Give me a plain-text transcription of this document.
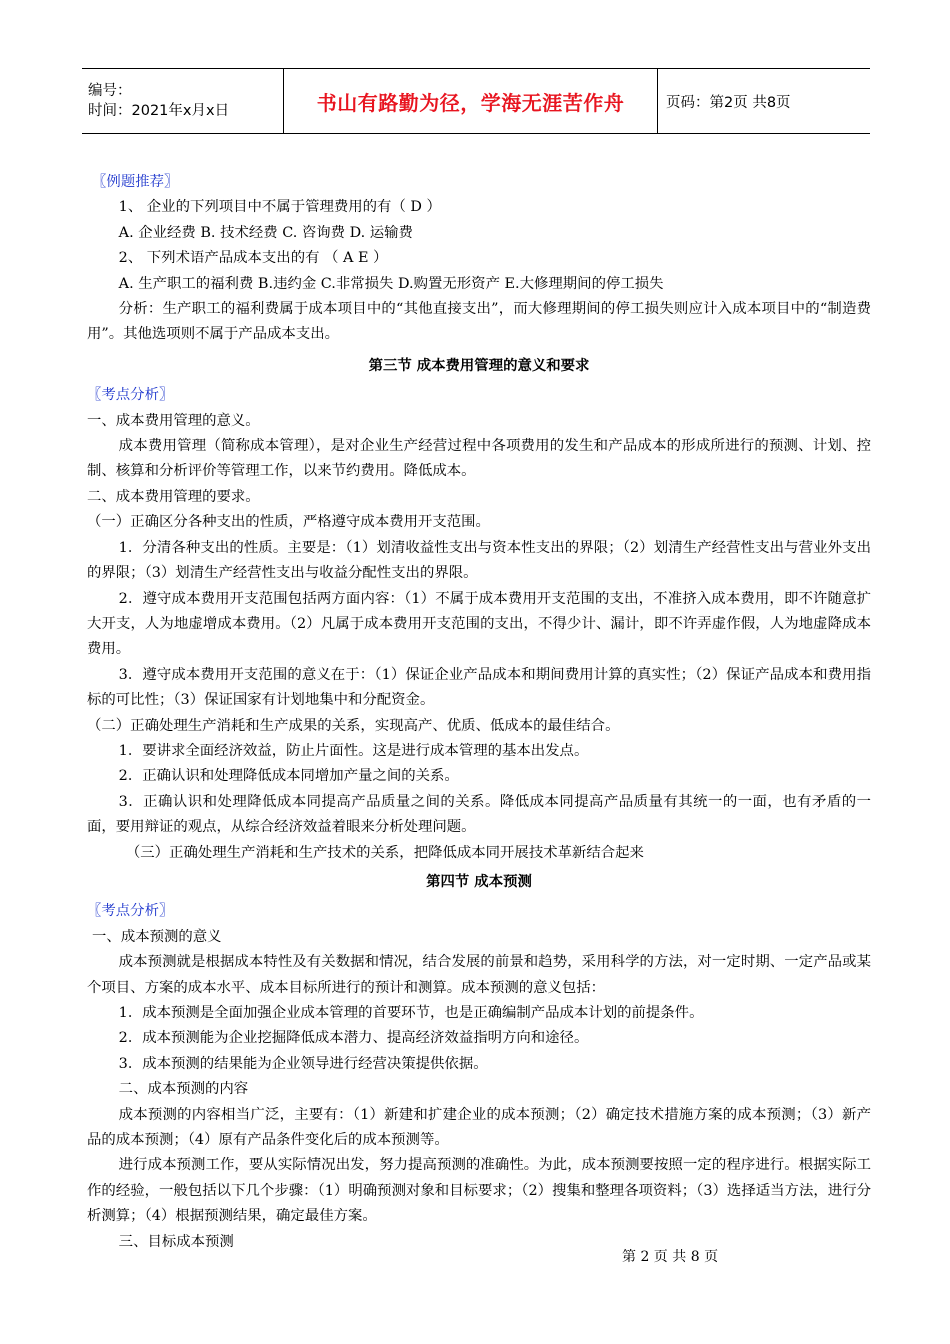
编号：
时间：2021年x月x日	书山有路勤为径，学海无涯苦作舟	页码：第2页 共8页

〖例题推荐〗

1、 企业的下列项目中不属于管理费用的有（ D ）

A. 企业经费 B. 技术经费 C. 咨询费 D. 运输费

2、 下列术语产品成本支出的有 （ A E ）

A. 生产职工的福利费 B.违约金 C.非常损失 D.购置无形资产 E.大修理期间的停工损失

分析：生产职工的福利费属于成本项目中的“其他直接支出”，而大修理期间的停工损失则应计入成本项目中的“制造费用”。其他选项则不属于产品成本支出。

第三节 成本费用管理的意义和要求

〖考点分析〗

一、成本费用管理的意义。

成本费用管理（简称成本管理），是对企业生产经营过程中各项费用的发生和产品成本的形成所进行的预测、计划、控制、核算和分析评价等管理工作，以来节约费用。降低成本。

二、成本费用管理的要求。

（一）正确区分各种支出的性质，严格遵守成本费用开支范围。

1．分清各种支出的性质。主要是：（1）划清收益性支出与资本性支出的界限；（2）划清生产经营性支出与营业外支出的界限；（3）划清生产经营性支出与收益分配性支出的界限。

2．遵守成本费用开支范围包括两方面内容：（1）不属于成本费用开支范围的支出，不准挤入成本费用，即不许随意扩大开支，人为地虚增成本费用。（2）凡属于成本费用开支范围的支出，不得少计、漏计，即不许弄虚作假，人为地虚降成本费用。

3．遵守成本费用开支范围的意义在于：（1）保证企业产品成本和期间费用计算的真实性；（2）保证产品成本和费用指标的可比性；（3）保证国家有计划地集中和分配资金。

（二）正确处理生产消耗和生产成果的关系，实现高产、优质、低成本的最佳结合。

1．要讲求全面经济效益，防止片面性。这是进行成本管理的基本出发点。

2．正确认识和处理降低成本同增加产量之间的关系。

3．正确认识和处理降低成本同提高产品质量之间的关系。降低成本同提高产品质量有其统一的一面，也有矛盾的一面，要用辩证的观点，从综合经济效益着眼来分析处理问题。

（三）正确处理生产消耗和生产技术的关系，把降低成本同开展技术革新结合起来

第四节 成本预测

〖考点分析〗

一、成本预测的意义

成本预测就是根据成本特性及有关数据和情况，结合发展的前景和趋势，采用科学的方法，对一定时期、一定产品或某个项目、方案的成本水平、成本目标所进行的预计和测算。成本预测的意义包括：

1．成本预测是全面加强企业成本管理的首要环节，也是正确编制产品成本计划的前提条件。

2．成本预测能为企业挖掘降低成本潜力、提高经济效益指明方向和途径。

3．成本预测的结果能为企业领导进行经营决策提供依据。

二、成本预测的内容

成本预测的内容相当广泛，主要有：（1）新建和扩建企业的成本预测；（2）确定技术措施方案的成本预测；（3）新产品的成本预测；（4）原有产品条件变化后的成本预测等。

进行成本预测工作，要从实际情况出发，努力提高预测的准确性。为此，成本预测要按照一定的程序进行。根据实际工作的经验，一般包括以下几个步骤：（1）明确预测对象和目标要求；（2）搜集和整理各项资料；（3）选择适当方法，进行分析测算；（4）根据预测结果，确定最佳方案。

三、目标成本预测

第 2 页 共 8 页
